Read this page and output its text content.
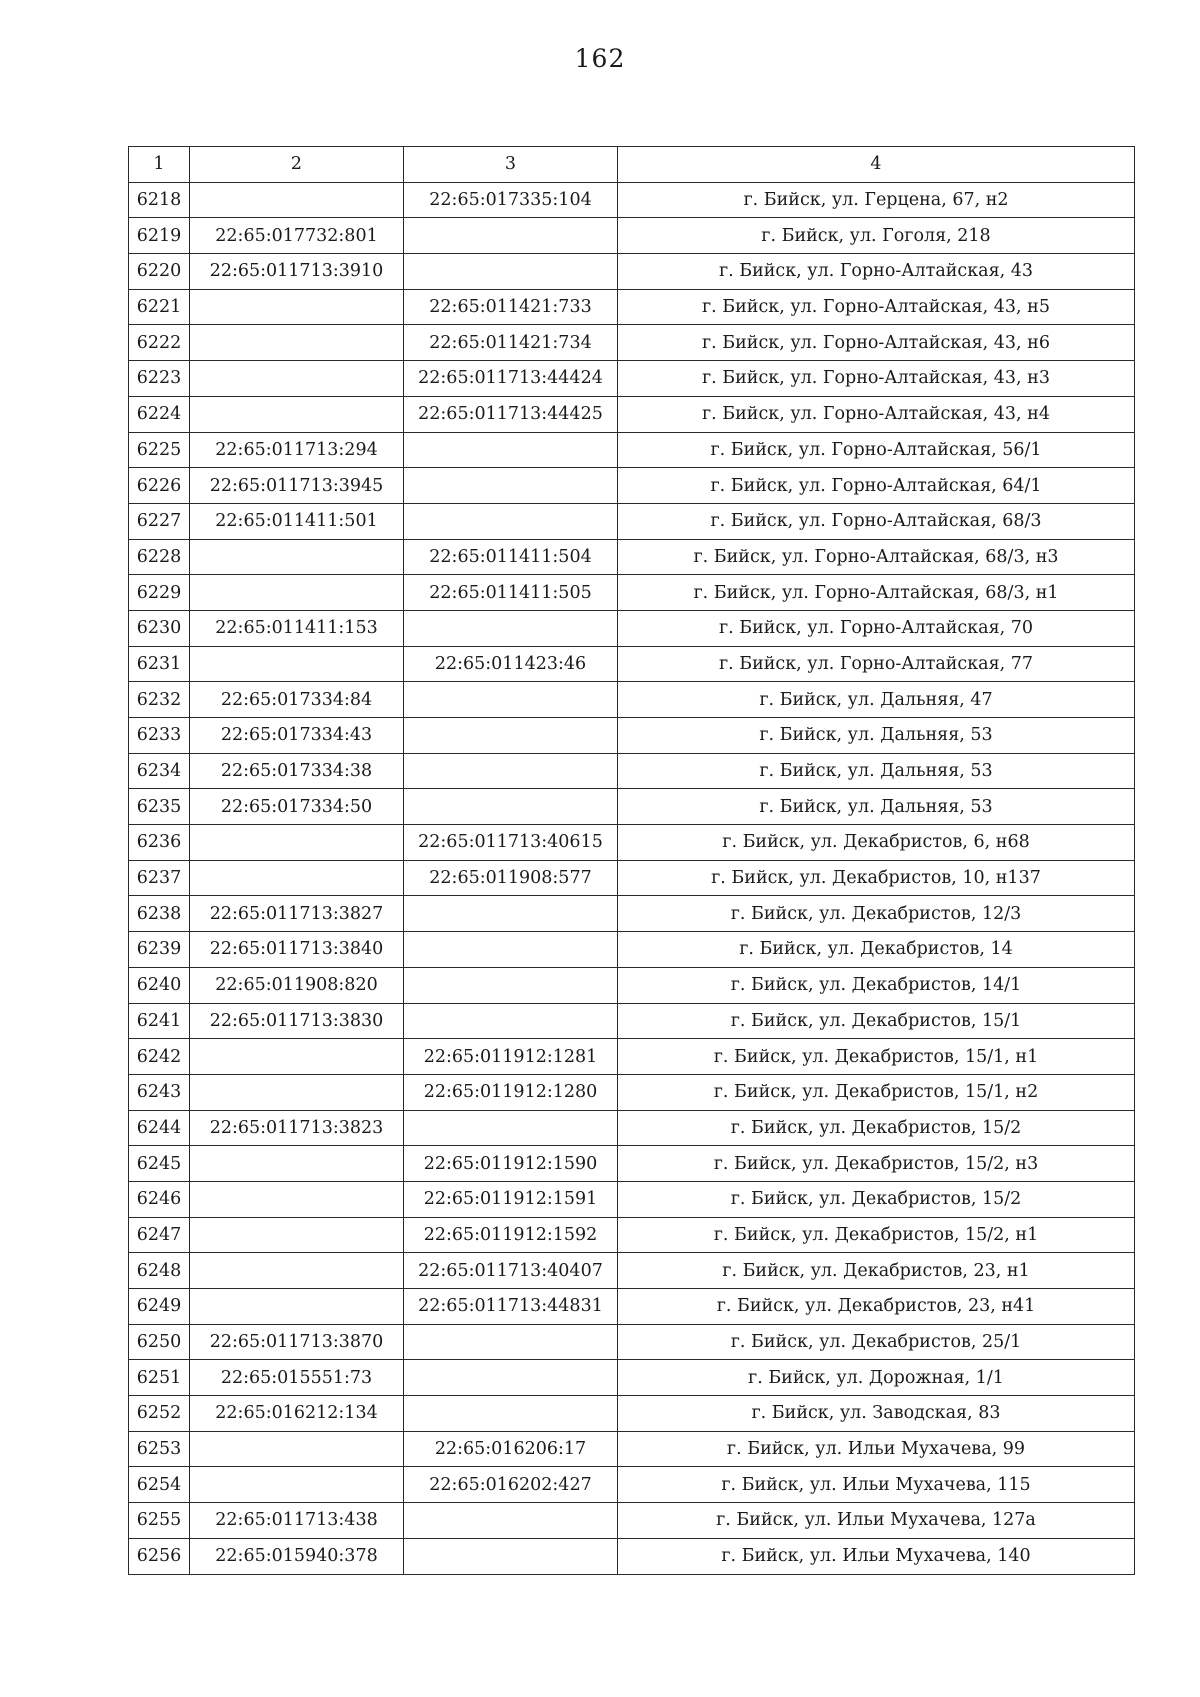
162
1	2	3	4
6218		22:65:017335:104	г. Бийск, ул. Герцена, 67, н2
6219	22:65:017732:801		г. Бийск, ул. Гоголя, 218
6220	22:65:011713:3910		г. Бийск, ул. Горно-Алтайская, 43
6221		22:65:011421:733	г. Бийск, ул. Горно-Алтайская, 43, н5
6222		22:65:011421:734	г. Бийск, ул. Горно-Алтайская, 43, н6
6223		22:65:011713:44424	г. Бийск, ул. Горно-Алтайская, 43, н3
6224		22:65:011713:44425	г. Бийск, ул. Горно-Алтайская, 43, н4
6225	22:65:011713:294		г. Бийск, ул. Горно-Алтайская, 56/1
6226	22:65:011713:3945		г. Бийск, ул. Горно-Алтайская, 64/1
6227	22:65:011411:501		г. Бийск, ул. Горно-Алтайская, 68/3
6228		22:65:011411:504	г. Бийск, ул. Горно-Алтайская, 68/3, н3
6229		22:65:011411:505	г. Бийск, ул. Горно-Алтайская, 68/3, н1
6230	22:65:011411:153		г. Бийск, ул. Горно-Алтайская, 70
6231		22:65:011423:46	г. Бийск, ул. Горно-Алтайская, 77
6232	22:65:017334:84		г. Бийск, ул. Дальняя, 47
6233	22:65:017334:43		г. Бийск, ул. Дальняя, 53
6234	22:65:017334:38		г. Бийск, ул. Дальняя, 53
6235	22:65:017334:50		г. Бийск, ул. Дальняя, 53
6236		22:65:011713:40615	г. Бийск, ул. Декабристов, 6, н68
6237		22:65:011908:577	г. Бийск, ул. Декабристов, 10, н137
6238	22:65:011713:3827		г. Бийск, ул. Декабристов, 12/3
6239	22:65:011713:3840		г. Бийск, ул. Декабристов, 14
6240	22:65:011908:820		г. Бийск, ул. Декабристов, 14/1
6241	22:65:011713:3830		г. Бийск, ул. Декабристов, 15/1
6242		22:65:011912:1281	г. Бийск, ул. Декабристов, 15/1, н1
6243		22:65:011912:1280	г. Бийск, ул. Декабристов, 15/1, н2
6244	22:65:011713:3823		г. Бийск, ул. Декабристов, 15/2
6245		22:65:011912:1590	г. Бийск, ул. Декабристов, 15/2, н3
6246		22:65:011912:1591	г. Бийск, ул. Декабристов, 15/2
6247		22:65:011912:1592	г. Бийск, ул. Декабристов, 15/2, н1
6248		22:65:011713:40407	г. Бийск, ул. Декабристов, 23, н1
6249		22:65:011713:44831	г. Бийск, ул. Декабристов, 23, н41
6250	22:65:011713:3870		г. Бийск, ул. Декабристов, 25/1
6251	22:65:015551:73		г. Бийск, ул. Дорожная, 1/1
6252	22:65:016212:134		г. Бийск, ул. Заводская, 83
6253		22:65:016206:17	г. Бийск, ул. Ильи Мухачева, 99
6254		22:65:016202:427	г. Бийск, ул. Ильи Мухачева, 115
6255	22:65:011713:438		г. Бийск, ул. Ильи Мухачева, 127а
6256	22:65:015940:378		г. Бийск, ул. Ильи Мухачева, 140
